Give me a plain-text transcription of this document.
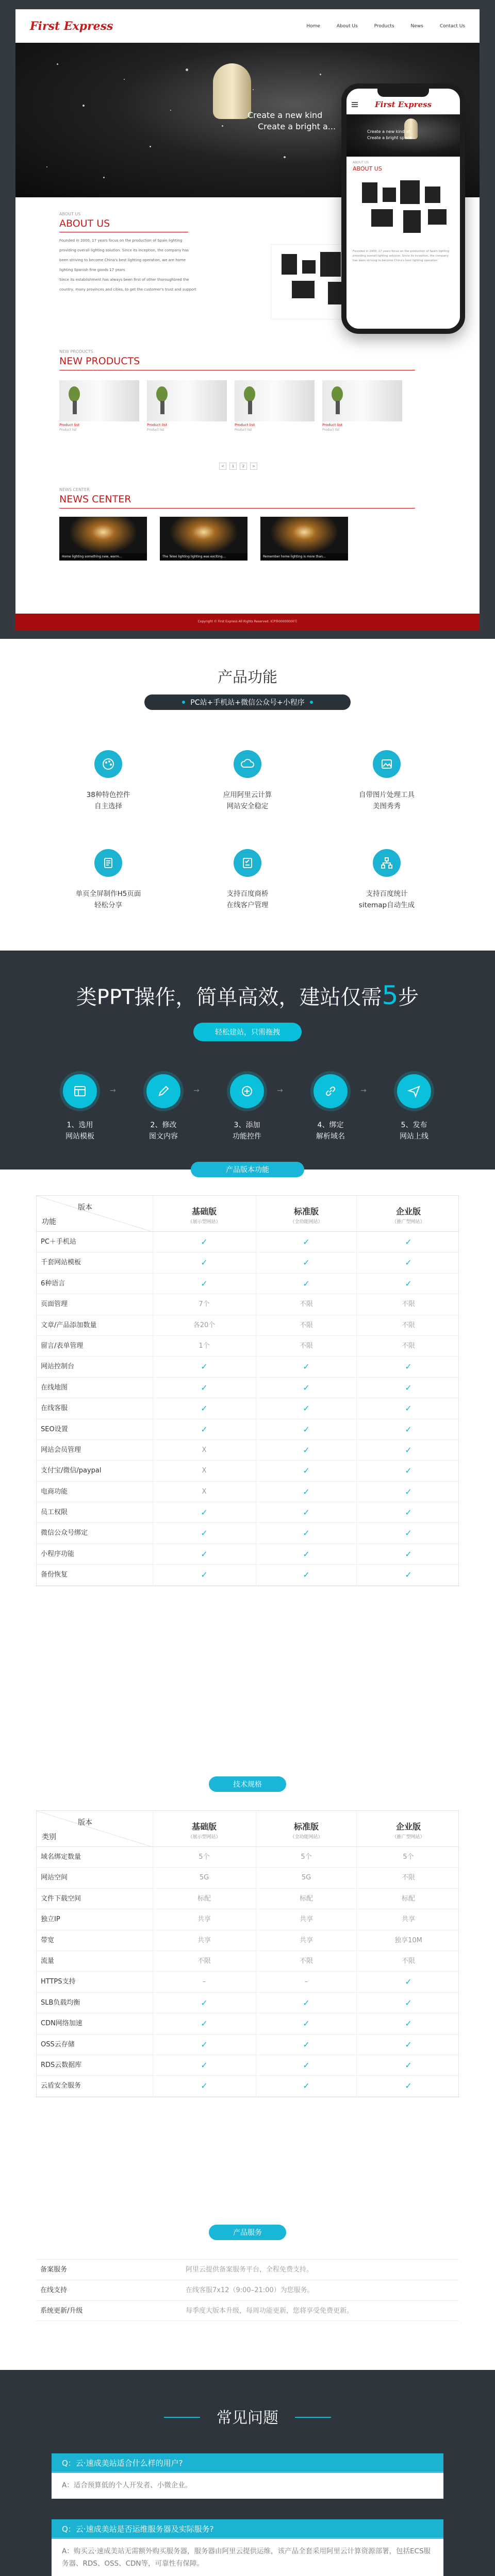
First Express	Home	About Us	Products	News	Contact Us
Create a new kind
Create a bright a...
ABOUT US
ABOUT US
Founded in 2000, 17 years focus on the production of Spain lighting
providing overall lighting solution. Since its inception, the company has
been striving to become China's best lighting operation, we are home
lighting Spanish fine goods 17 years
Since its establishment has always been first of other thoroughbred the
country, many provinces and cities, to get the customer's trust and support
NEW PRODUCTS
NEW PRODUCTS
Product list
Product list
Product list
Product list
Product list
Product list
Product list
Product list
<	1	2	>
NEWS CENTER
NEWS CENTER
Home lighting something new, warm...	The Teleo lighting lighting was exciting...	Remember home lighting is more than...
Copyright © First Express All Rights Reserved. ICP备00000000号
First Express
Create a new kind of
Create a bright space
ABOUT US
ABOUT US
Founded in 2000, 17 years focus on the production of Spain lighting providing overall lighting solution. Since its inception, the company has been striving to become China's best lighting operation
产品功能
PC站+手机站+微信公众号+小程序
38种特色控件
自主选择
应用阿里云计算
网站安全稳定
自带图片处理工具
美图秀秀
单页全屏制作H5页面
轻松分享
支持百度商桥
在线客户管理
支持百度统计
sitemap自动生成
类PPT操作，简单高效，建站仅需5步
轻松建站，只需拖拽
1、选用
网站模板
→
2、修改
图文内容
→
3、添加
功能控件
→
4、绑定
解析域名
→
5、发布
网站上线
产品版本功能
版本
功能
基础版
（展示型网站）
标准版
（全功能网站）
企业版
（推广型网站）
PC＋手机站	✓	✓	✓
千套网站模板	✓	✓	✓
6种语言	✓	✓	✓
页面管理	7个	不限	不限
文章/产品添加数量	各20个	不限	不限
留言/表单管理	1个	不限	不限
网站控制台	✓	✓	✓
在线地图	✓	✓	✓
在线客服	✓	✓	✓
SEO设置	✓	✓	✓
网站会员管理	X	✓	✓
支付宝/微信/paypal	X	✓	✓
电商功能	X	✓	✓
员工权限	✓	✓	✓
微信公众号绑定	✓	✓	✓
小程序功能	✓	✓	✓
备份恢复	✓	✓	✓
技术规格
版本
类别
基础版
（展示型网站）
标准版
（全功能网站）
企业版
（推广型网站）
域名绑定数量	5个	5个	5个
网站空间	5G	5G	不限
文件下载空间	标配	标配	标配
独立IP	共享	共享	共享
带宽	共享	共享	独享10M
流量	不限	不限	不限
HTTPS支持	–	–	✓
SLB负载均衡	✓	✓	✓
CDN网络加速	✓	✓	✓
OSS云存储	✓	✓	✓
RDS云数据库	✓	✓	✓
云盾安全服务	✓	✓	✓
产品服务
备案服务	阿里云提供备案服务平台，全程免费支持。
在线支持	在线客服7x12（9:00–21:00）为您服务。
系统更新/升级	每季度大版本升级，每周功能更新，您将享受免费更新。
常见问题
Q：云·速成美站适合什么样的用户?
A：适合预算低的个人开发者、小微企业。
Q：云·速成美站是否运维服务器及实际服务?
A：购买云·速成美站无需额外购买服务器，服务器由阿里云提供运维，该产品全套采用阿里云计算资源部署，包括ECS服务器、RDS、OSS、CDN等，可靠性有保障。
